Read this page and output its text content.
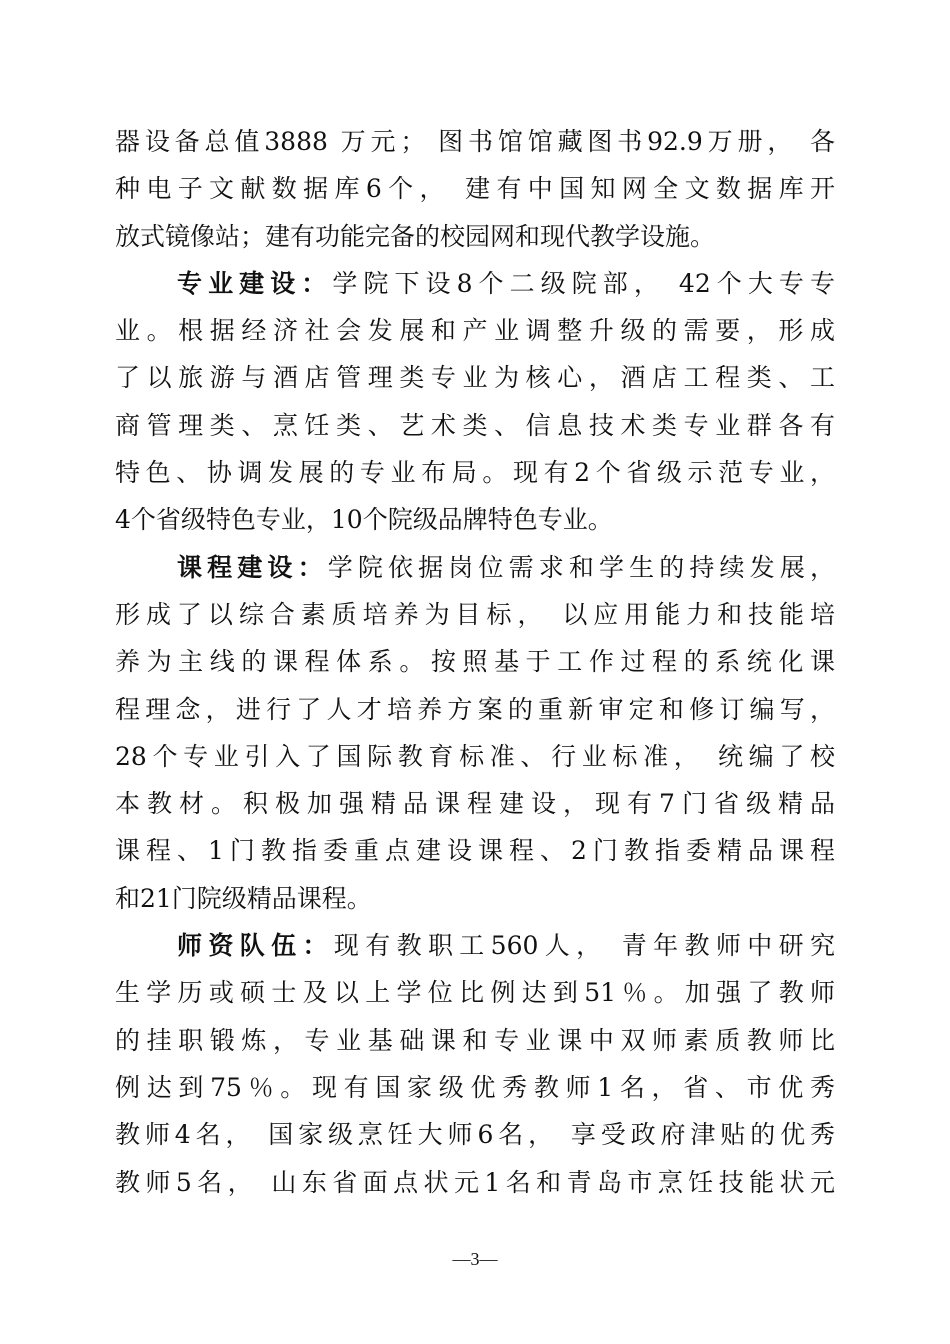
器设备总值3888 万元； 图书馆馆藏图书92.9万册， 各
种电子文献数据库6个， 建有中国知网全文数据库开
放式镜像站；建有功能完备的校园网和现代教学设施。
专业建设：学院下设8个二级院部， 42个大专专
业。根据经济社会发展和产业调整升级的需要，形成
了以旅游与酒店管理类专业为核心，酒店工程类、工
商管理类、烹饪类、艺术类、信息技术类专业群各有
特色、协调发展的专业布局。现有2个省级示范专业，
4个省级特色专业，10个院级品牌特色专业。
课程建设：学院依据岗位需求和学生的持续发展，
形成了以综合素质培养为目标， 以应用能力和技能培
养为主线的课程体系。按照基于工作过程的系统化课
程理念，进行了人才培养方案的重新审定和修订编写，
28个专业引入了国际教育标准、行业标准， 统编了校
本教材。积极加强精品课程建设，现有7门省级精品
课程、1门教指委重点建设课程、2门教指委精品课程
和21门院级精品课程。
师资队伍：现有教职工560人， 青年教师中研究
生学历或硕士及以上学位比例达到51％。加强了教师
的挂职锻炼，专业基础课和专业课中双师素质教师比
例达到75％。现有国家级优秀教师1名，省、市优秀
教师4名， 国家级烹饪大师6名， 享受政府津贴的优秀
教师5名， 山东省面点状元1名和青岛市烹饪技能状元
—3—
